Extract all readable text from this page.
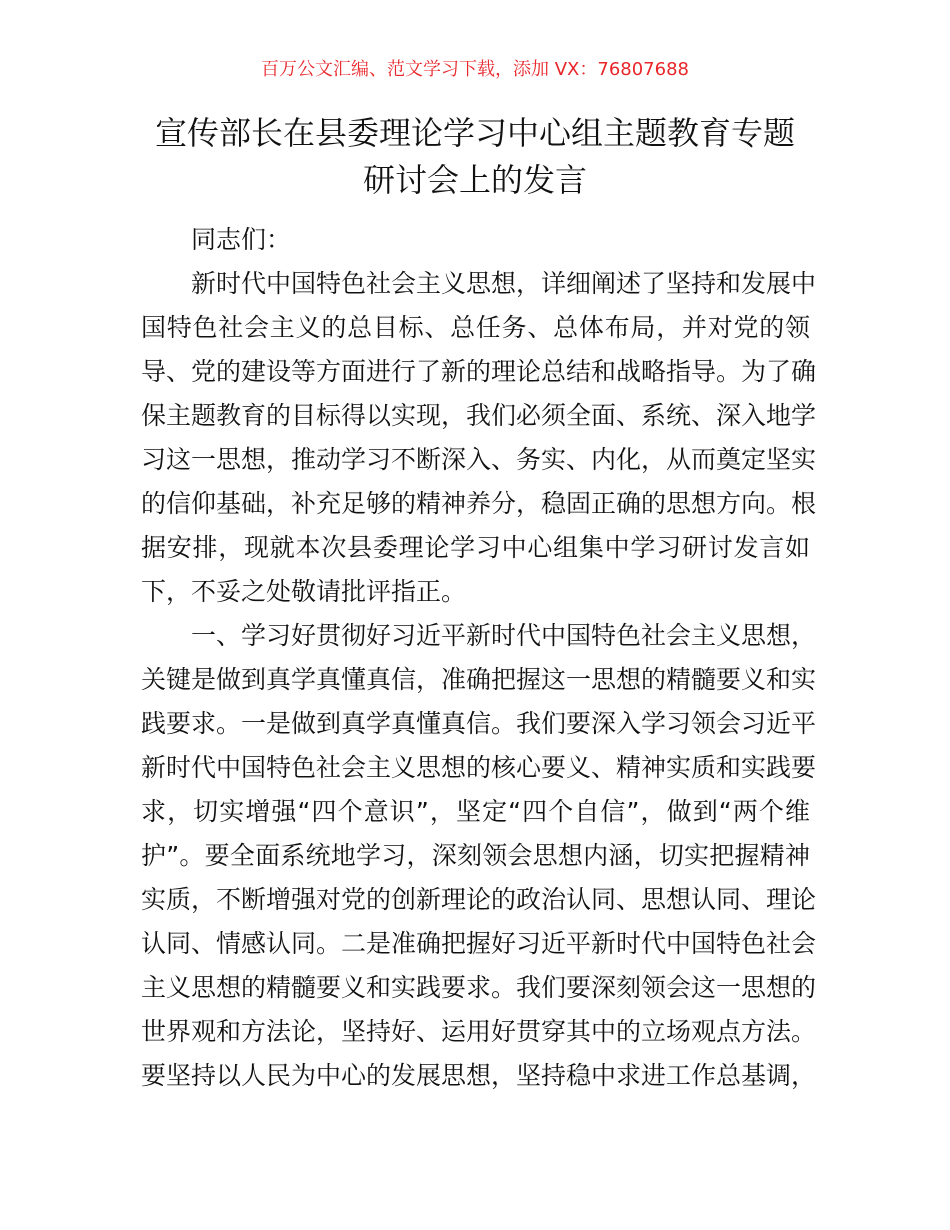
百万公文汇编、范文学习下载，添加 VX：76807688
宣传部长在县委理论学习中心组主题教育专题
研讨会上的发言
同志们：
新时代中国特色社会主义思想，详细阐述了坚持和发展中
国特色社会主义的总目标、总任务、总体布局，并对党的领
导、党的建设等方面进行了新的理论总结和战略指导。为了确
保主题教育的目标得以实现，我们必须全面、系统、深入地学
习这一思想，推动学习不断深入、务实、内化，从而奠定坚实
的信仰基础，补充足够的精神养分，稳固正确的思想方向。根
据安排，现就本次县委理论学习中心组集中学习研讨发言如
下，不妥之处敬请批评指正。
一、学习好贯彻好习近平新时代中国特色社会主义思想，
关键是做到真学真懂真信，准确把握这一思想的精髓要义和实
践要求。一是做到真学真懂真信。我们要深入学习领会习近平
新时代中国特色社会主义思想的核心要义、精神实质和实践要
求，切实增强“四个意识”，坚定“四个自信”，做到“两个维
护”。要全面系统地学习，深刻领会思想内涵，切实把握精神
实质，不断增强对党的创新理论的政治认同、思想认同、理论
认同、情感认同。二是准确把握好习近平新时代中国特色社会
主义思想的精髓要义和实践要求。我们要深刻领会这一思想的
世界观和方法论，坚持好、运用好贯穿其中的立场观点方法。
要坚持以人民为中心的发展思想，坚持稳中求进工作总基调，
